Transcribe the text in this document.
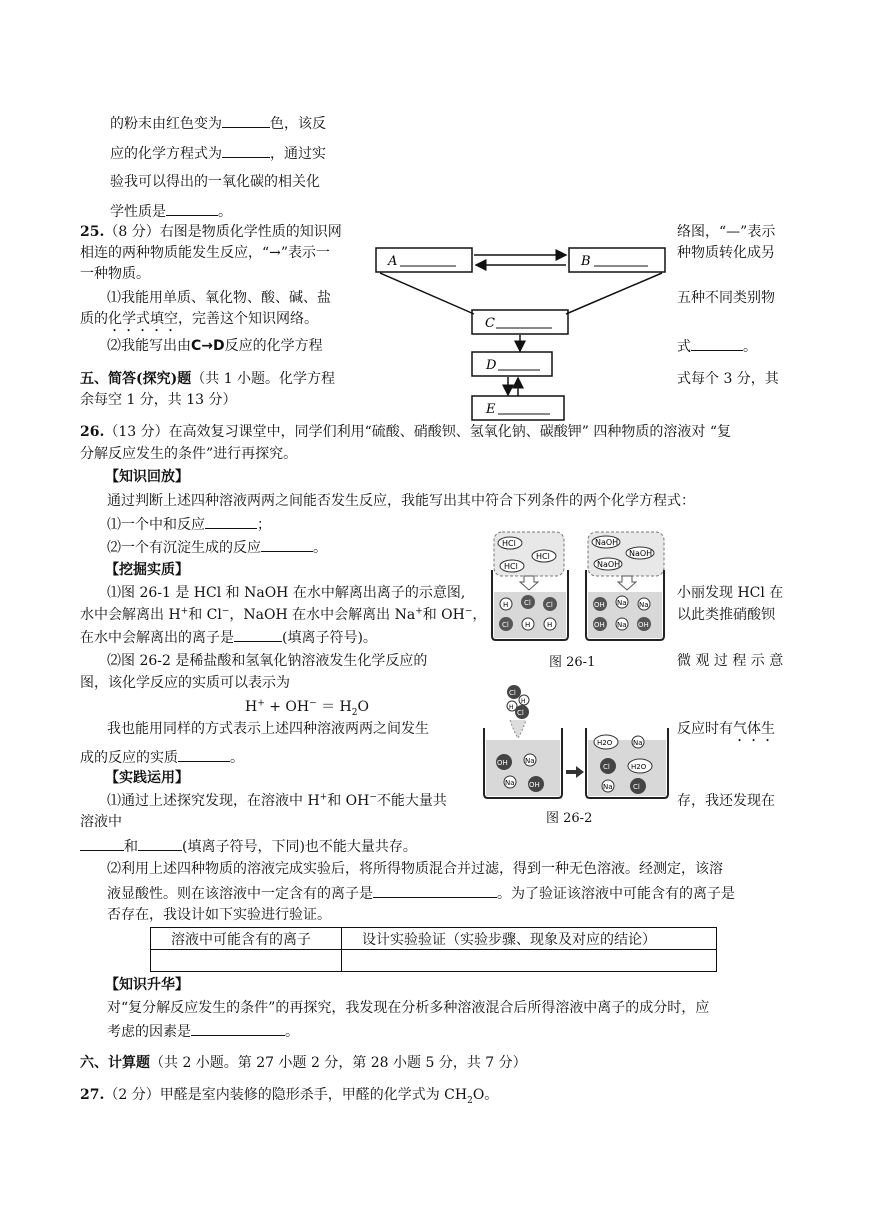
的粉末由红色变为	色，该反
应的化学方程式为	，通过实
验我可以得出的一氧化碳的相关化
学性质是	。
25.（8 分）右图是物质化学性质的知识网	络图，“—”表示
相连的两种物质能发生反应，“→”表示一	种物质转化成另
一种物质。
⑴我能用单质、氧化物、酸、碱、盐	五种不同类别物
质的化学式填空，完善这个知识网络。
⑵我能写出由C→D反应的化学方程	式	。
A	B
C
D
E
五、简答(探究)题（共 1 小题。化学方程	式每个 3 分，其
余每空 1 分，共 13 分）
26.（13 分）在高效复习课堂中，同学们利用“硫酸、硝酸钡、氢氧化钠、碳酸钾” 四种物质的溶液对 “复
分解反应发生的条件”进行再探究。
【知识回放】
通过判断上述四种溶液两两之间能否发生反应，我能写出其中符合下列条件的两个化学方程式：
⑴一个中和反应	；
⑵一个有沉淀生成的反应	。
【挖掘实质】
⑴图 26-1 是 HCl 和 NaOH 在水中解离出离子的示意图,	小丽发现 HCl 在
水中会解离出 H+和 Cl−，NaOH 在水中会解离出 Na+和 OH−，	以此类推硝酸钡
在水中会解离出的离子是	(填离子符号)。
HCl
HCl
HCl
H Cl Cl
Cl H H
NaOH
NaOH
NaOH
OH Na Na
OH Na OH
图 26-1
⑵图 26-2 是稀盐酸和氢氧化钠溶液发生化学反应的	微 观 过 程 示 意
图，该化学反应的实质可以表示为
$H^+ + OH^- = H_2O$
我也能用同样的方式表示上述四种溶液两两之间发生	反应时有气体生
成的反应的实质	。
Cl
H
H
Cl
OH Na
Na OH
H2O	Na
Cl	H2O
Na	Cl
图 26-2
【实践运用】
⑴通过上述探究发现，在溶液中 H+和 OH−不能大量共	存，我还发现在
溶液中
和	(填离子符号，下同)也不能大量共存。
⑵利用上述四种物质的溶液完成实验后，将所得物质混合并过滤，得到一种无色溶液。经测定，该溶
液显酸性。则在该溶液中一定含有的离子是	。为了验证该溶液中可能含有的离子是
否存在，我设计如下实验进行验证。
溶液中可能含有的离子	设计实验验证（实验步骤、现象及对应的结论）

【知识升华】
对“复分解反应发生的条件”的再探究，我发现在分析多种溶液混合后所得溶液中离子的成分时，应
考虑的因素是	。
六、计算题（共 2 小题。第 27 小题 2 分，第 28 小题 5 分，共 7 分）
27.（2 分）甲醛是室内装修的隐形杀手，甲醛的化学式为 $CH_2O$。
